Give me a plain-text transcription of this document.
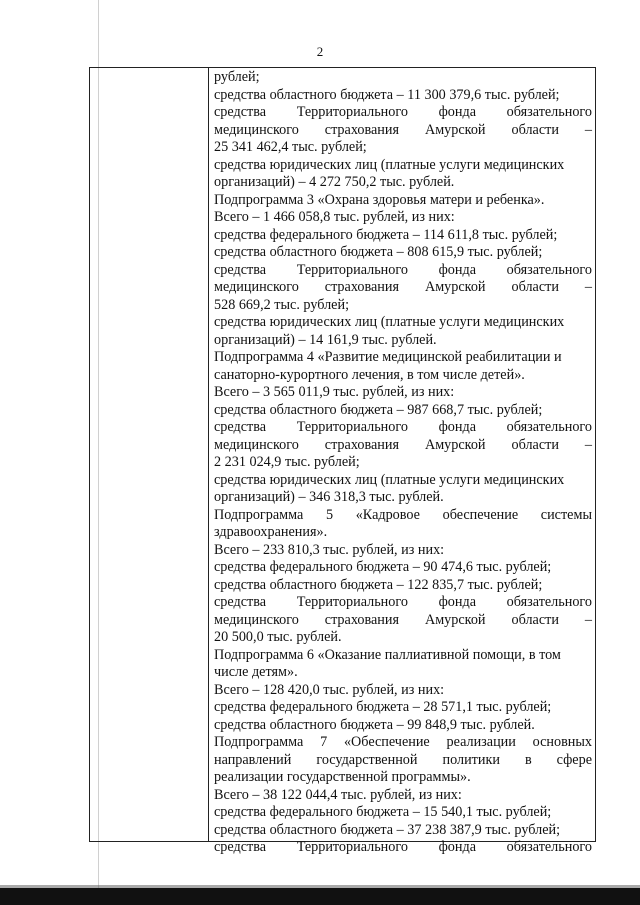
2
рублей;
средства областного бюджета – 11 300 379,6 тыс. рублей;
средства Территориального фонда обязательного
медицинского страхования Амурской области –
25 341 462,4 тыс. рублей;
средства юридических лиц (платные услуги медицинских
организаций) – 4 272 750,2 тыс. рублей.
Подпрограмма 3 «Охрана здоровья матери и ребенка».
Всего – 1 466 058,8 тыс. рублей, из них:
средства федерального бюджета – 114 611,8 тыс. рублей;
средства областного бюджета – 808 615,9 тыс. рублей;
средства Территориального фонда обязательного
медицинского страхования Амурской области –
528 669,2 тыс. рублей;
средства юридических лиц (платные услуги медицинских
организаций) – 14 161,9 тыс. рублей.
Подпрограмма 4 «Развитие медицинской реабилитации и
санаторно-курортного лечения, в том числе детей».
Всего – 3 565 011,9 тыс. рублей, из них:
средства областного бюджета – 987 668,7 тыс. рублей;
средства Территориального фонда обязательного
медицинского страхования Амурской области –
2 231 024,9 тыс. рублей;
средства юридических лиц (платные услуги медицинских
организаций) – 346 318,3 тыс. рублей.
Подпрограмма 5 «Кадровое обеспечение системы
здравоохранения».
Всего – 233 810,3 тыс. рублей, из них:
средства федерального бюджета – 90 474,6 тыс. рублей;
средства областного бюджета – 122 835,7 тыс. рублей;
средства Территориального фонда обязательного
медицинского страхования Амурской области –
20 500,0 тыс. рублей.
Подпрограмма 6 «Оказание паллиативной помощи, в том
числе детям».
Всего – 128 420,0 тыс. рублей, из них:
средства федерального бюджета – 28 571,1 тыс. рублей;
средства областного бюджета – 99 848,9 тыс. рублей.
Подпрограмма 7 «Обеспечение реализации основных
направлений государственной политики в сфере
реализации государственной программы».
Всего – 38 122 044,4 тыс. рублей, из них:
средства федерального бюджета – 15 540,1 тыс. рублей;
средства областного бюджета – 37 238 387,9 тыс. рублей;
средства Территориального фонда обязательного
